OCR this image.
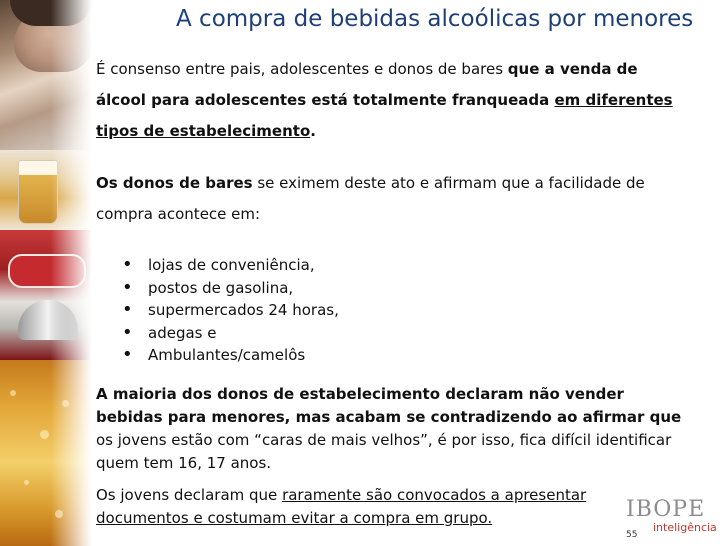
A compra de bebidas alcoólicas por menores

É consenso entre pais, adolescentes e donos de bares que a venda de álcool para adolescentes está totalmente franqueada em diferentes tipos de estabelecimento.

Os donos de bares se eximem deste ato e afirmam que a facilidade de compra acontece em:

• lojas de conveniência,
• postos de gasolina,
• supermercados 24 horas,
• adegas e
• Ambulantes/camelôs

A maioria dos donos de estabelecimento declaram não vender bebidas para menores, mas acabam se contradizendo ao afirmar que os jovens estão com “caras de mais velhos”, é por isso, fica difícil identificar quem tem 16, 17 anos.

Os jovens declaram que raramente são convocados a apresentar documentos e costumam evitar a compra em grupo.	IBOPE
inteligência
55
